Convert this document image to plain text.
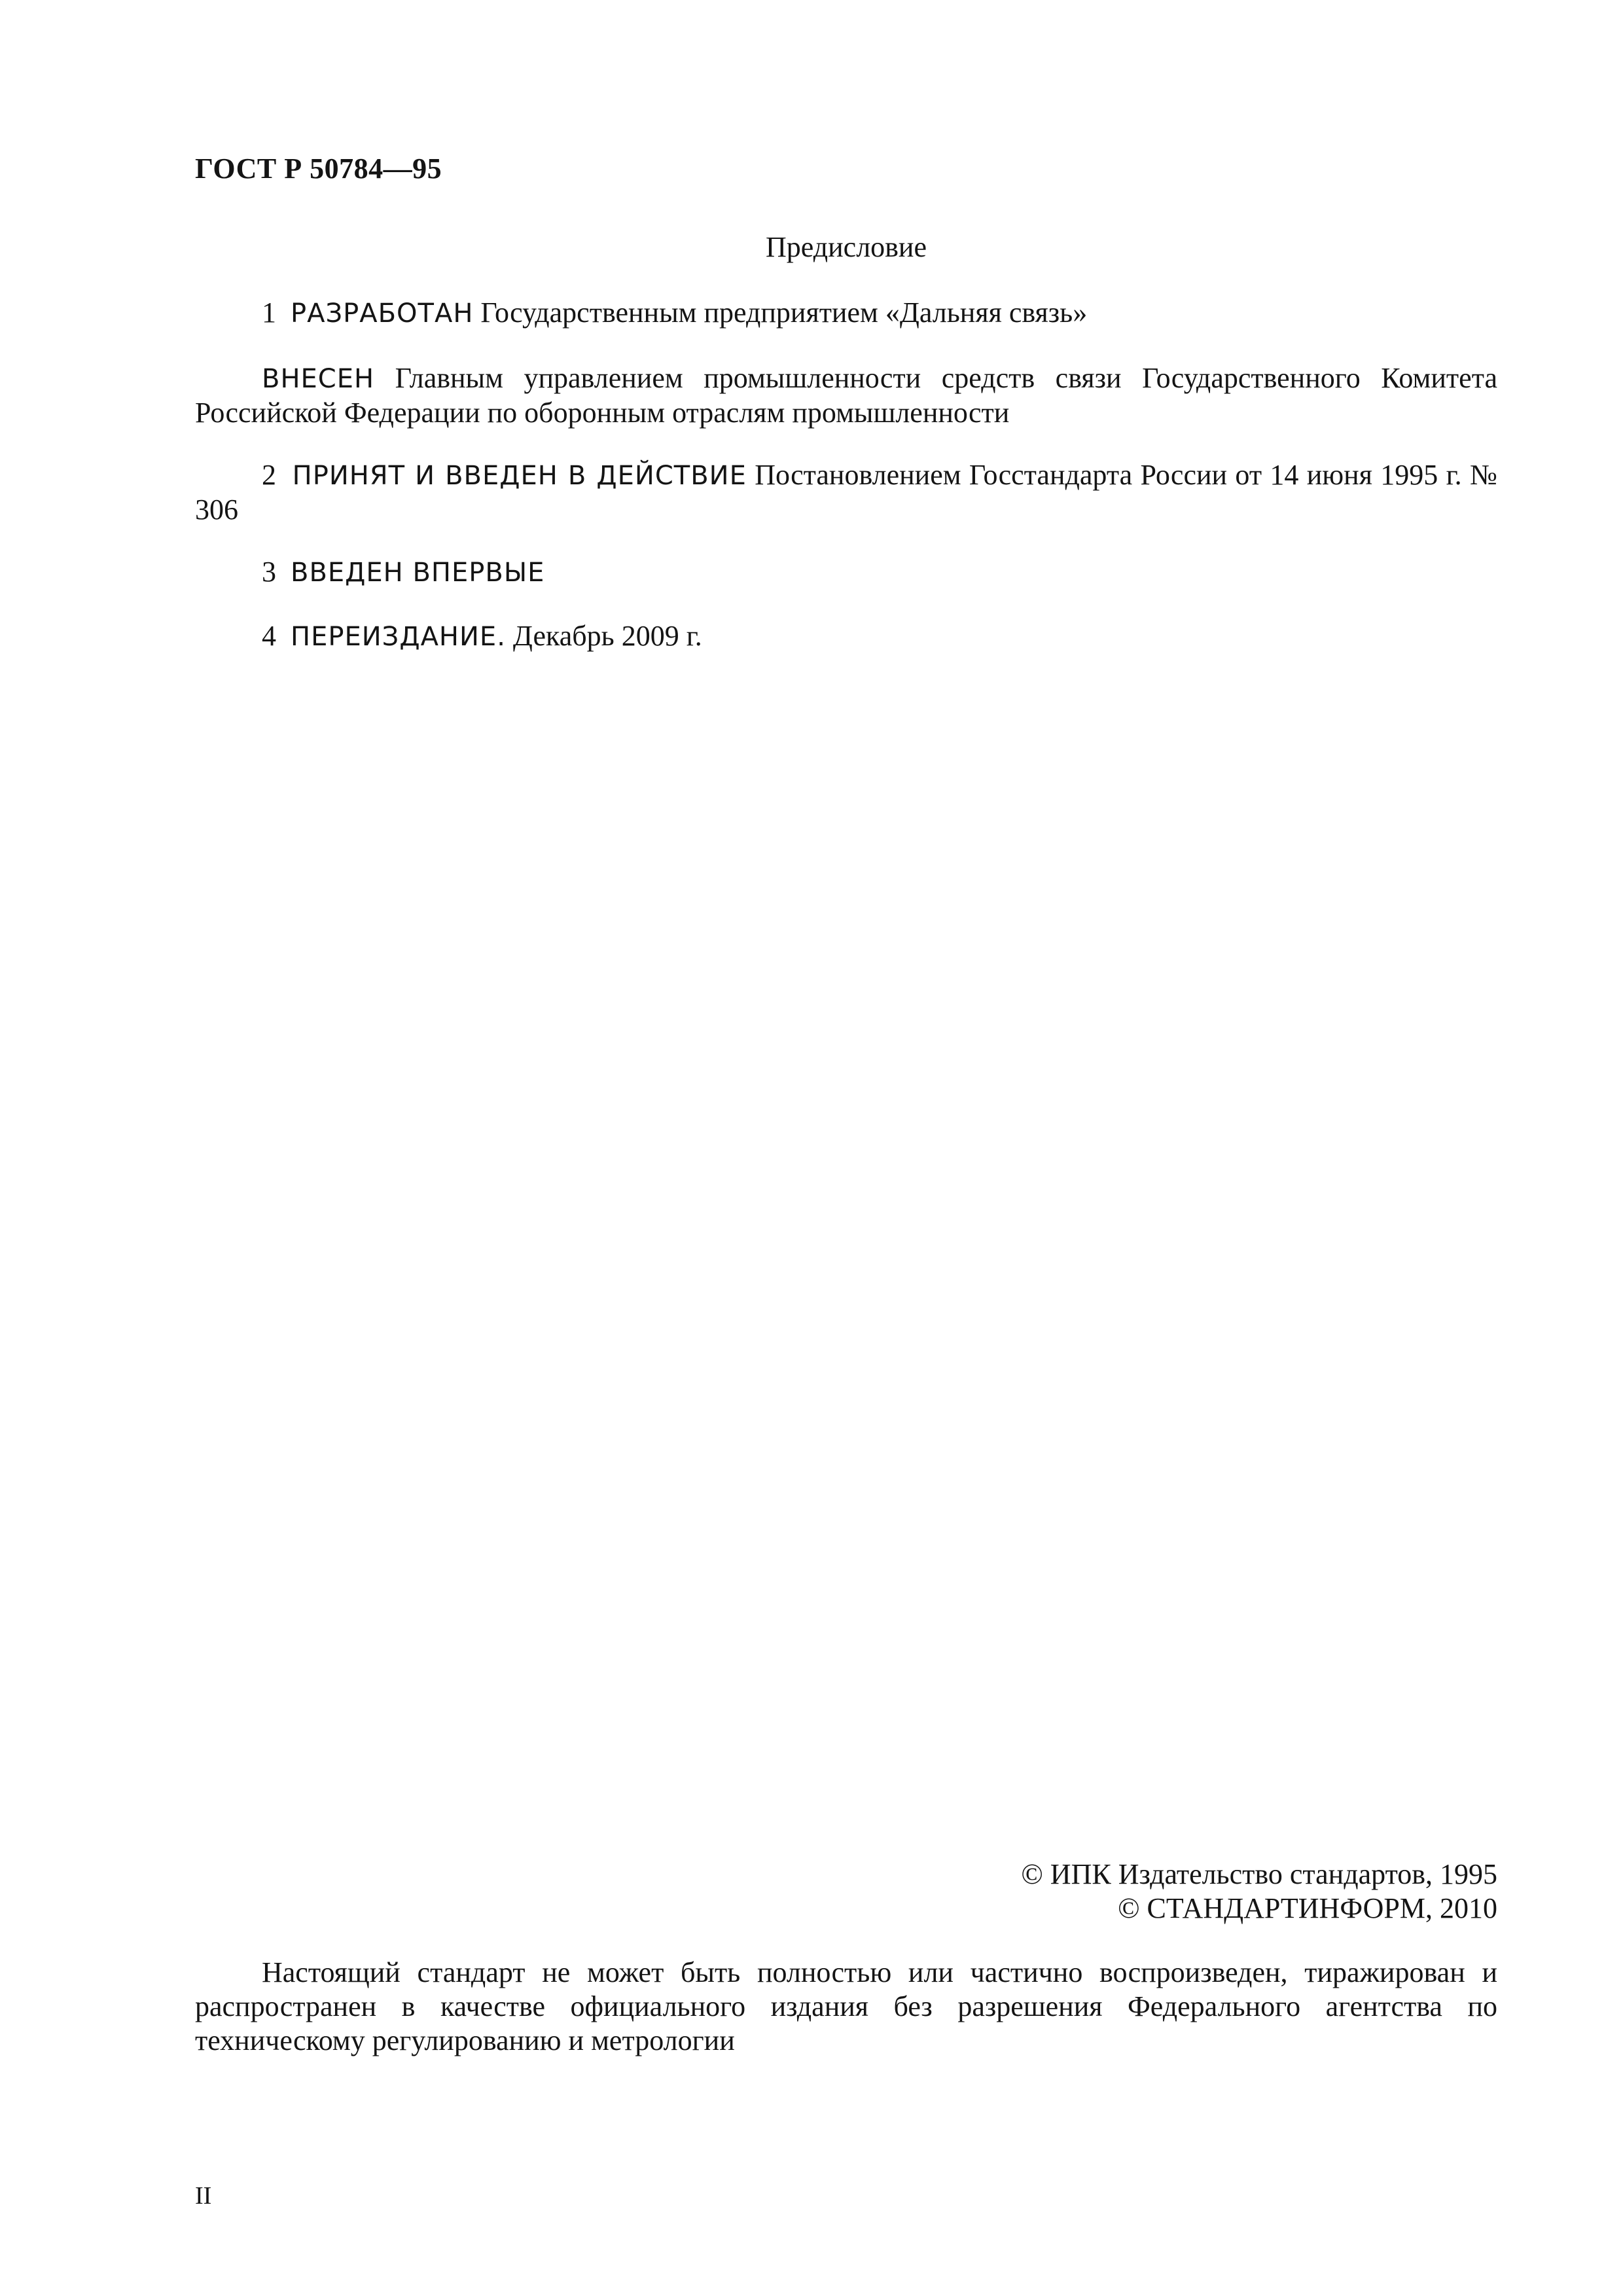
ГОСТ Р 50784—95
Предисловие
1 РАЗРАБОТАН Государственным предприятием «Дальняя связь»
ВНЕСЕН Главным управлением промышленности средств связи Государственного Комитета Российской Федерации по оборонным отраслям промышленности
2 ПРИНЯТ И ВВЕДЕН В ДЕЙСТВИЕ Постановлением Госстандарта России от 14 июня 1995 г. № 306
3 ВВЕДЕН ВПЕРВЫЕ
4 ПЕРЕИЗДАНИЕ. Декабрь 2009 г.
© ИПК Издательство стандартов, 1995
© СТАНДАРТИНФОРМ, 2010
Настоящий стандарт не может быть полностью или частично воспроизведен, тиражирован и распространен в качестве официального издания без разрешения Федерального агентства по техническому регулированию и метрологии
II
